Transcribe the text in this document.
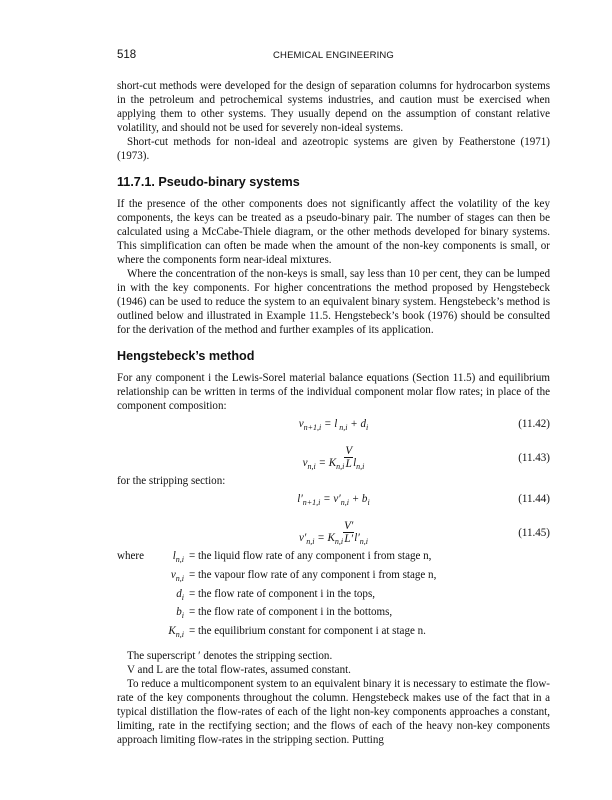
518	CHEMICAL ENGINEERING

short-cut methods were developed for the design of separation columns for hydrocarbon systems in the petroleum and petrochemical systems industries, and caution must be exercised when applying them to other systems. They usually depend on the assumption of constant relative volatility, and should not be used for severely non-ideal systems.

Short-cut methods for non-ideal and azeotropic systems are given by Featherstone (1971) (1973).

11.7.1. Pseudo-binary systems

If the presence of the other components does not significantly affect the volatility of the key components, the keys can be treated as a pseudo-binary pair. The number of stages can then be calculated using a McCabe-Thiele diagram, or the other methods developed for binary systems. This simplification can often be made when the amount of the non-key components is small, or where the components form near-ideal mixtures.

Where the concentration of the non-keys is small, say less than 10 per cent, they can be lumped in with the key components. For higher concentrations the method proposed by Hengstebeck (1946) can be used to reduce the system to an equivalent binary system. Hengstebeck’s method is outlined below and illustrated in Example 11.5. Hengstebeck’s book (1976) should be consulted for the derivation of the method and further examples of its application.

Hengstebeck’s method

For any component i the Lewis-Sorel material balance equations (Section 11.5) and equilibrium relationship can be written in terms of the individual component molar flow rates; in place of the component composition:

$v_{n+1,i} = l$ $_{n,i} + d_i$	(11.42)
$v_{n,i} = K_{n,i} \frac{V}{L} l_{n,i}$
(11.43)

for the stripping section:

$l'_{n+1,i} = v'_{n,i} + b_i$	(11.44)
$v'_{n,i} = K_{n,i} \frac{V'}{L'} l'_{n,i}$
(11.45)
where	$l_{n,i}$ = the liquid flow rate of any component i from stage n,
$v_{n,i}$ = the vapour flow rate of any component i from stage n,
$d_i$ = the flow rate of component i in the tops,
$b_i$ = the flow rate of component i in the bottoms,
$K_{n,i}$ = the equilibrium constant for component i at stage n.

The superscript ′ denotes the stripping section.

V and L are the total flow-rates, assumed constant.

To reduce a multicomponent system to an equivalent binary it is necessary to estimate the flow-rate of the key components throughout the column. Hengstebeck makes use of the fact that in a typical distillation the flow-rates of each of the light non-key components approaches a constant, limiting, rate in the rectifying section; and the flows of each of the heavy non-key components approach limiting flow-rates in the stripping section. Putting
